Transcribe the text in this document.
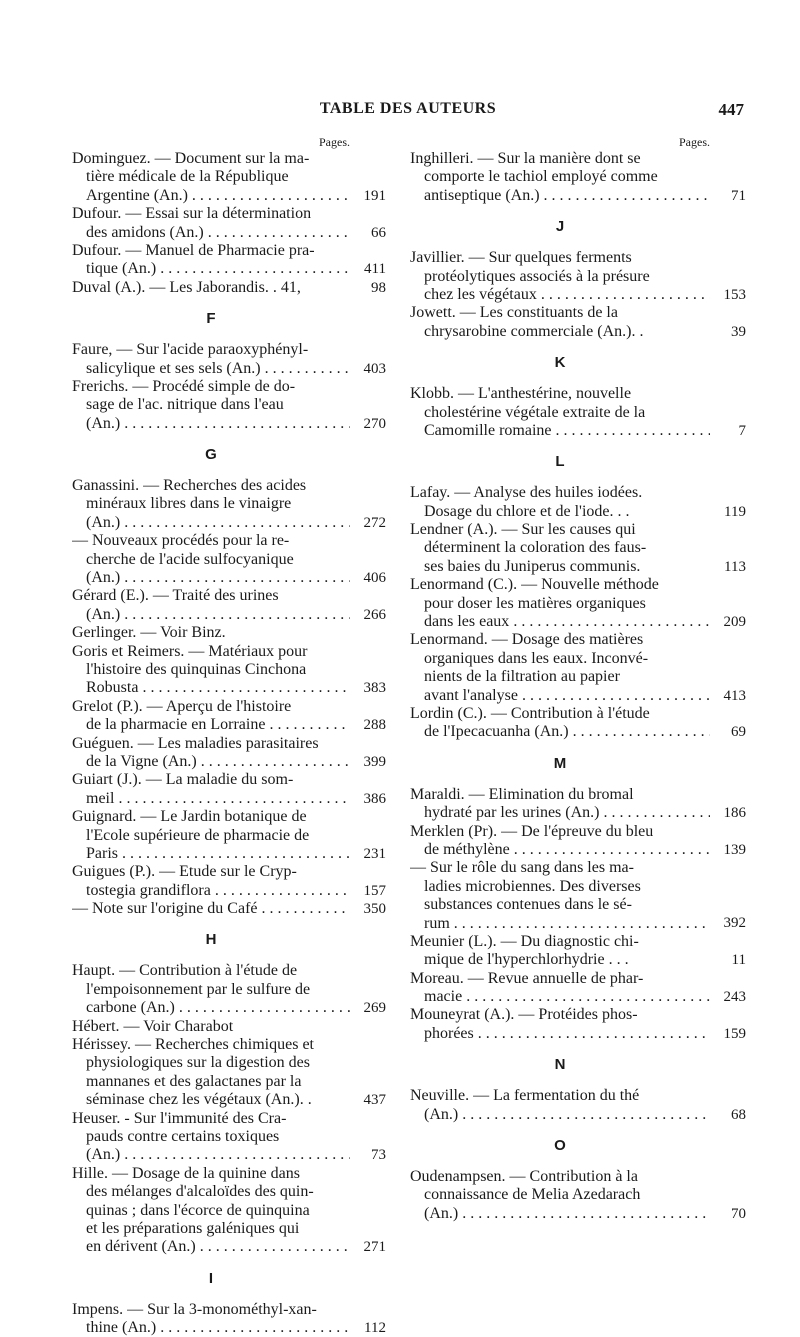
TABLE DES AUTEURS	447
Pages.
Dominguez. — Document sur la ma-
tière médicale de la République
Argentine (An.) . . .	191
Dufour. — Essai sur la détermination
des amidons (An.) . . .	66
Dufour. — Manuel de Pharmacie pra-
tique (An.) . . .	411
Duval (A.). — Les Jaborandis. . 41,	98
F
Faure, — Sur l'acide paraoxyphényl-
salicylique et ses sels (An.) . . .	403
Frerichs. — Procédé simple de do-
sage de l'ac. nitrique dans l'eau
(An.) . . .	270
G
Ganassini. — Recherches des acides
minéraux libres dans le vinaigre
(An.) . . .	272
— Nouveaux procédés pour la re-
cherche de l'acide sulfocyanique
(An.) . . .	406
Gérard (E.). — Traité des urines
(An.) . . .	266
Gerlinger. — Voir Binz.
Goris et Reimers. — Matériaux pour
l'histoire des quinquinas Cinchona
Robusta . . .	383
Grelot (P.). — Aperçu de l'histoire
de la pharmacie en Lorraine . . .	288
Guéguen. — Les maladies parasitaires
de la Vigne (An.) . . .	399
Guiart (J.). — La maladie du som-
meil . . .	386
Guignard. — Le Jardin botanique de
l'Ecole supérieure de pharmacie de
Paris . . .	231
Guigues (P.). — Etude sur le Cryp-
tostegia grandiflora . . .	157
— Note sur l'origine du Café . . .	350
H
Haupt. — Contribution à l'étude de
l'empoisonnement par le sulfure de
carbone (An.) . . .	269
Hébert. — Voir Charabot
Hérissey. — Recherches chimiques et
physiologiques sur la digestion des
mannanes et des galactanes par la
séminase chez les végétaux (An.). .	437
Heuser. - Sur l'immunité des Cra-
pauds contre certains toxiques
(An.) . . .	73
Hille. — Dosage de la quinine dans
des mélanges d'alcaloïdes des quin-
quinas ; dans l'écorce de quinquina
et les préparations galéniques qui
en dérivent (An.) . . .	271
I
Impens. — Sur la 3-monométhyl-xan-
thine (An.) . . .	112
Pages.
Inghilleri. — Sur la manière dont se
comporte le tachiol employé comme
antiseptique (An.) . . .	71
J
Javillier. — Sur quelques ferments
protéolytiques associés à la présure
chez les végétaux . . .	153
Jowett. — Les constituants de la
chrysarobine commerciale (An.). .	39
K
Klobb. — L'anthestérine, nouvelle
cholestérine végétale extraite de la
Camomille romaine . . .	7
L
Lafay. — Analyse des huiles iodées.
Dosage du chlore et de l'iode. . .	119
Lendner (A.). — Sur les causes qui
déterminent la coloration des faus-
ses baies du Juniperus communis.	113
Lenormand (C.). — Nouvelle méthode
pour doser les matières organiques
dans les eaux . . .	209
Lenormand. — Dosage des matières
organiques dans les eaux. Inconvé-
nients de la filtration au papier
avant l'analyse . . .	413
Lordin (C.). — Contribution à l'étude
de l'Ipecacuanha (An.) . . .	69
M
Maraldi. — Elimination du bromal
hydraté par les urines (An.) . . .	186
Merklen (Pr). — De l'épreuve du bleu
de méthylène . . .	139
— Sur le rôle du sang dans les ma-
ladies microbiennes. Des diverses
substances contenues dans le sé-
rum . . .	392
Meunier (L.). — Du diagnostic chi-
mique de l'hyperchlorhydrie . . .	11
Moreau. — Revue annuelle de phar-
macie . . .	243
Mouneyrat (A.). — Protéides phos-
phorées . . .	159
N
Neuville. — La fermentation du thé
(An.) . . .	68
O
Oudenampsen. — Contribution à la
connaissance de Melia Azedarach
(An.) . . .	70
